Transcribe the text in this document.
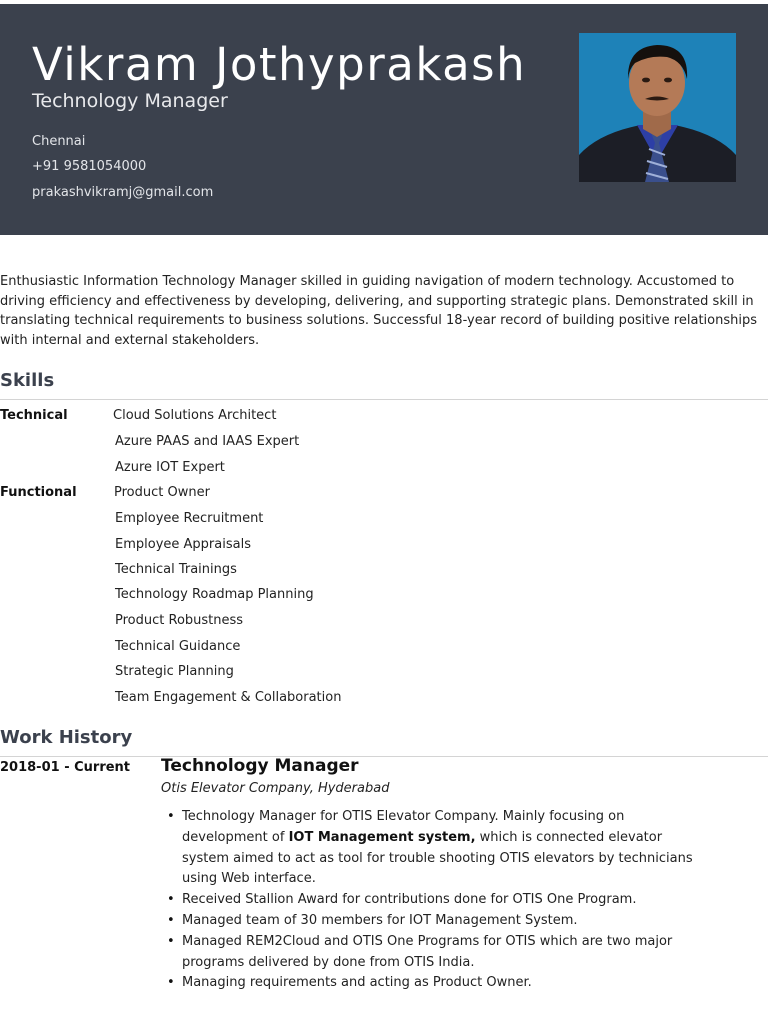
Vikram Jothyprakash
Technology Manager
Chennai
+91 9581054000
prakashvikramj@gmail.com
Enthusiastic Information Technology Manager skilled in guiding navigation of modern technology. Accustomed to driving efficiency and effectiveness by developing, delivering, and supporting strategic plans. Demonstrated skill in translating technical requirements to business solutions. Successful 18-year record of building positive relationships with internal and external stakeholders.
Skills
Technical	Cloud Solutions Architect
Azure PAAS and IAAS Expert
Azure IOT Expert
Functional	Product Owner
Employee Recruitment
Employee Appraisals
Technical Trainings
Technology Roadmap Planning
Product Robustness
Technical Guidance
Strategic Planning
Team Engagement & Collaboration
Work History
2018-01 - Current Technology Manager
Otis Elevator Company, Hyderabad
• Technology Manager for OTIS Elevator Company. Mainly focusing on development of IOT Management system, which is connected elevator system aimed to act as tool for trouble shooting OTIS elevators by technicians using Web interface.
• Received Stallion Award for contributions done for OTIS One Program.
• Managed team of 30 members for IOT Management System.
• Managed REM2Cloud and OTIS One Programs for OTIS which are two major programs delivered by done from OTIS India.
• Managing requirements and acting as Product Owner.
